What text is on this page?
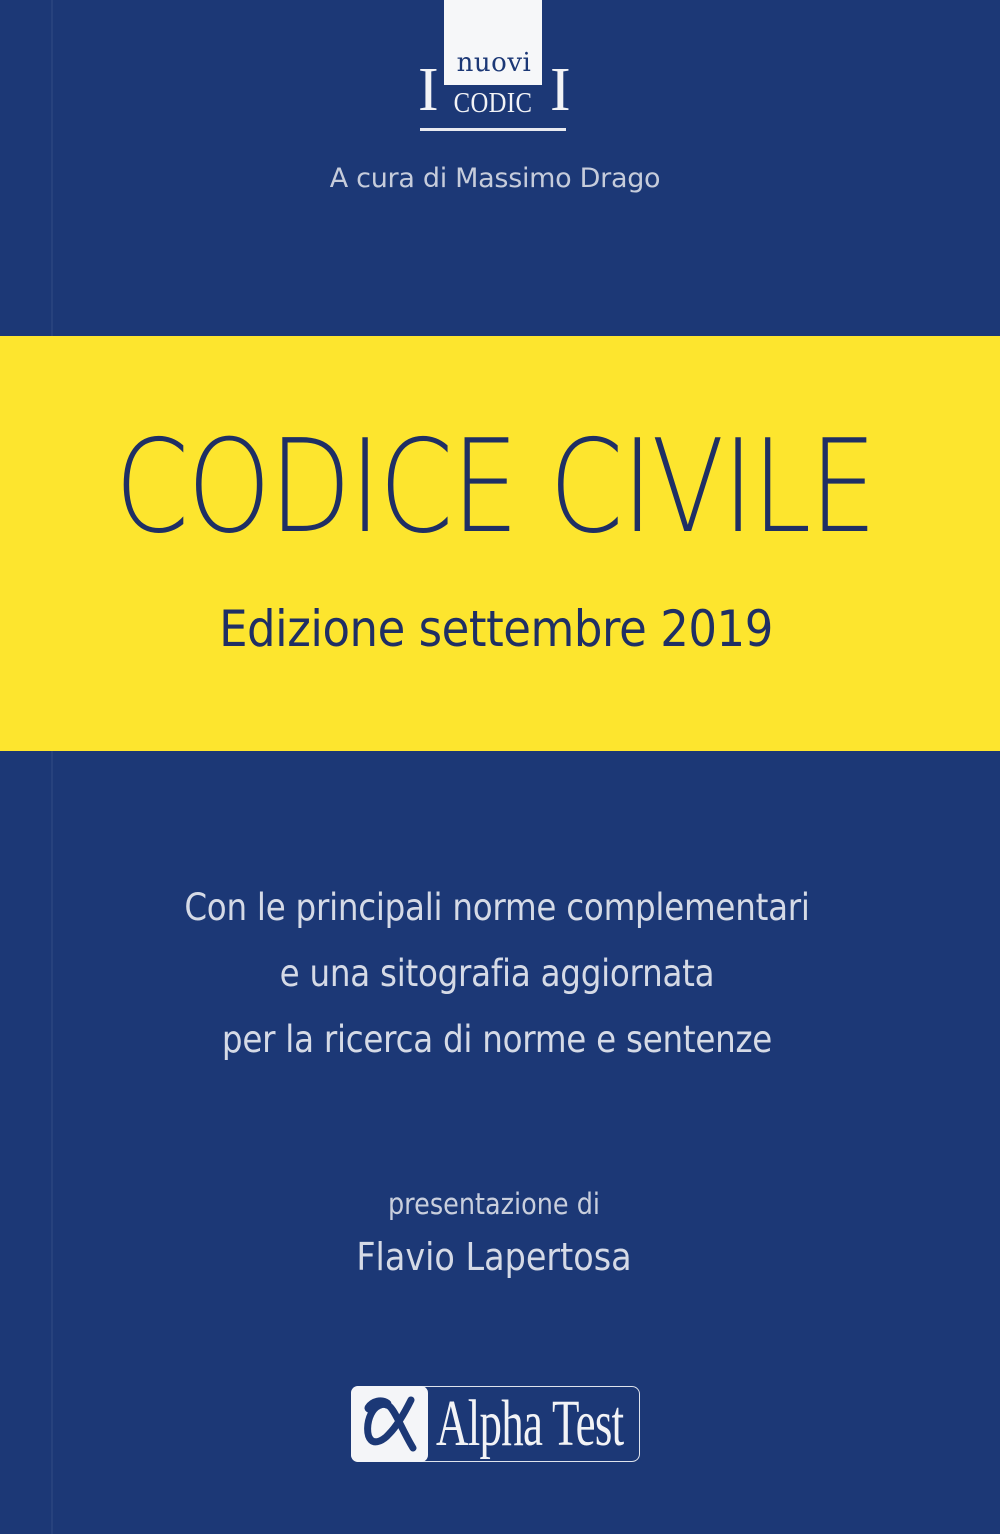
nuovi
I CODIC I
A cura di Massimo Drago
CODICE CIVILE
Edizione settembre 2019
Con le principali norme complementari
e una sitografia aggiornata
per la ricerca di norme e sentenze
presentazione di
Flavio Lapertosa
Alpha Test
